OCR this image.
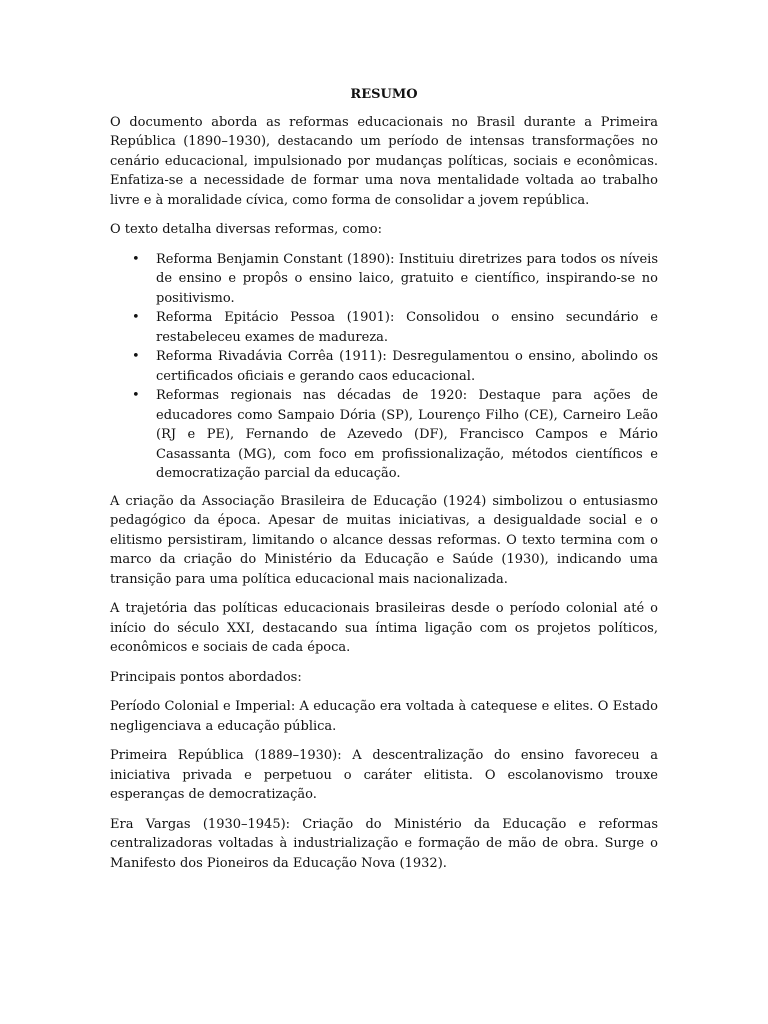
RESUMO

O documento aborda as reformas educacionais no Brasil durante a Primeira República (1890–1930), destacando um período de intensas transformações no cenário educacional, impulsionado por mudanças políticas, sociais e econômicas. Enfatiza-se a necessidade de formar uma nova mentalidade voltada ao trabalho livre e à moralidade cívica, como forma de consolidar a jovem república.

O texto detalha diversas reformas, como:

• Reforma Benjamin Constant (1890): Instituiu diretrizes para todos os níveis de ensino e propôs o ensino laico, gratuito e científico, inspirando-se no positivismo.
• Reforma Epitácio Pessoa (1901): Consolidou o ensino secundário e restabeleceu exames de madureza.
• Reforma Rivadávia Corrêa (1911): Desregulamentou o ensino, abolindo os certificados oficiais e gerando caos educacional.
• Reformas regionais nas décadas de 1920: Destaque para ações de educadores como Sampaio Dória (SP), Lourenço Filho (CE), Carneiro Leão (RJ e PE), Fernando de Azevedo (DF), Francisco Campos e Mário Casassanta (MG), com foco em profissionalização, métodos científicos e democratização parcial da educação.

A criação da Associação Brasileira de Educação (1924) simbolizou o entusiasmo pedagógico da época. Apesar de muitas iniciativas, a desigualdade social e o elitismo persistiram, limitando o alcance dessas reformas. O texto termina com o marco da criação do Ministério da Educação e Saúde (1930), indicando uma transição para uma política educacional mais nacionalizada.

A trajetória das políticas educacionais brasileiras desde o período colonial até o início do século XXI, destacando sua íntima ligação com os projetos políticos, econômicos e sociais de cada época.

Principais pontos abordados:

Período Colonial e Imperial: A educação era voltada à catequese e elites. O Estado negligenciava a educação pública.

Primeira República (1889–1930): A descentralização do ensino favoreceu a iniciativa privada e perpetuou o caráter elitista. O escolanovismo trouxe esperanças de democratização.

Era Vargas (1930–1945): Criação do Ministério da Educação e reformas centralizadoras voltadas à industrialização e formação de mão de obra. Surge o Manifesto dos Pioneiros da Educação Nova (1932).
